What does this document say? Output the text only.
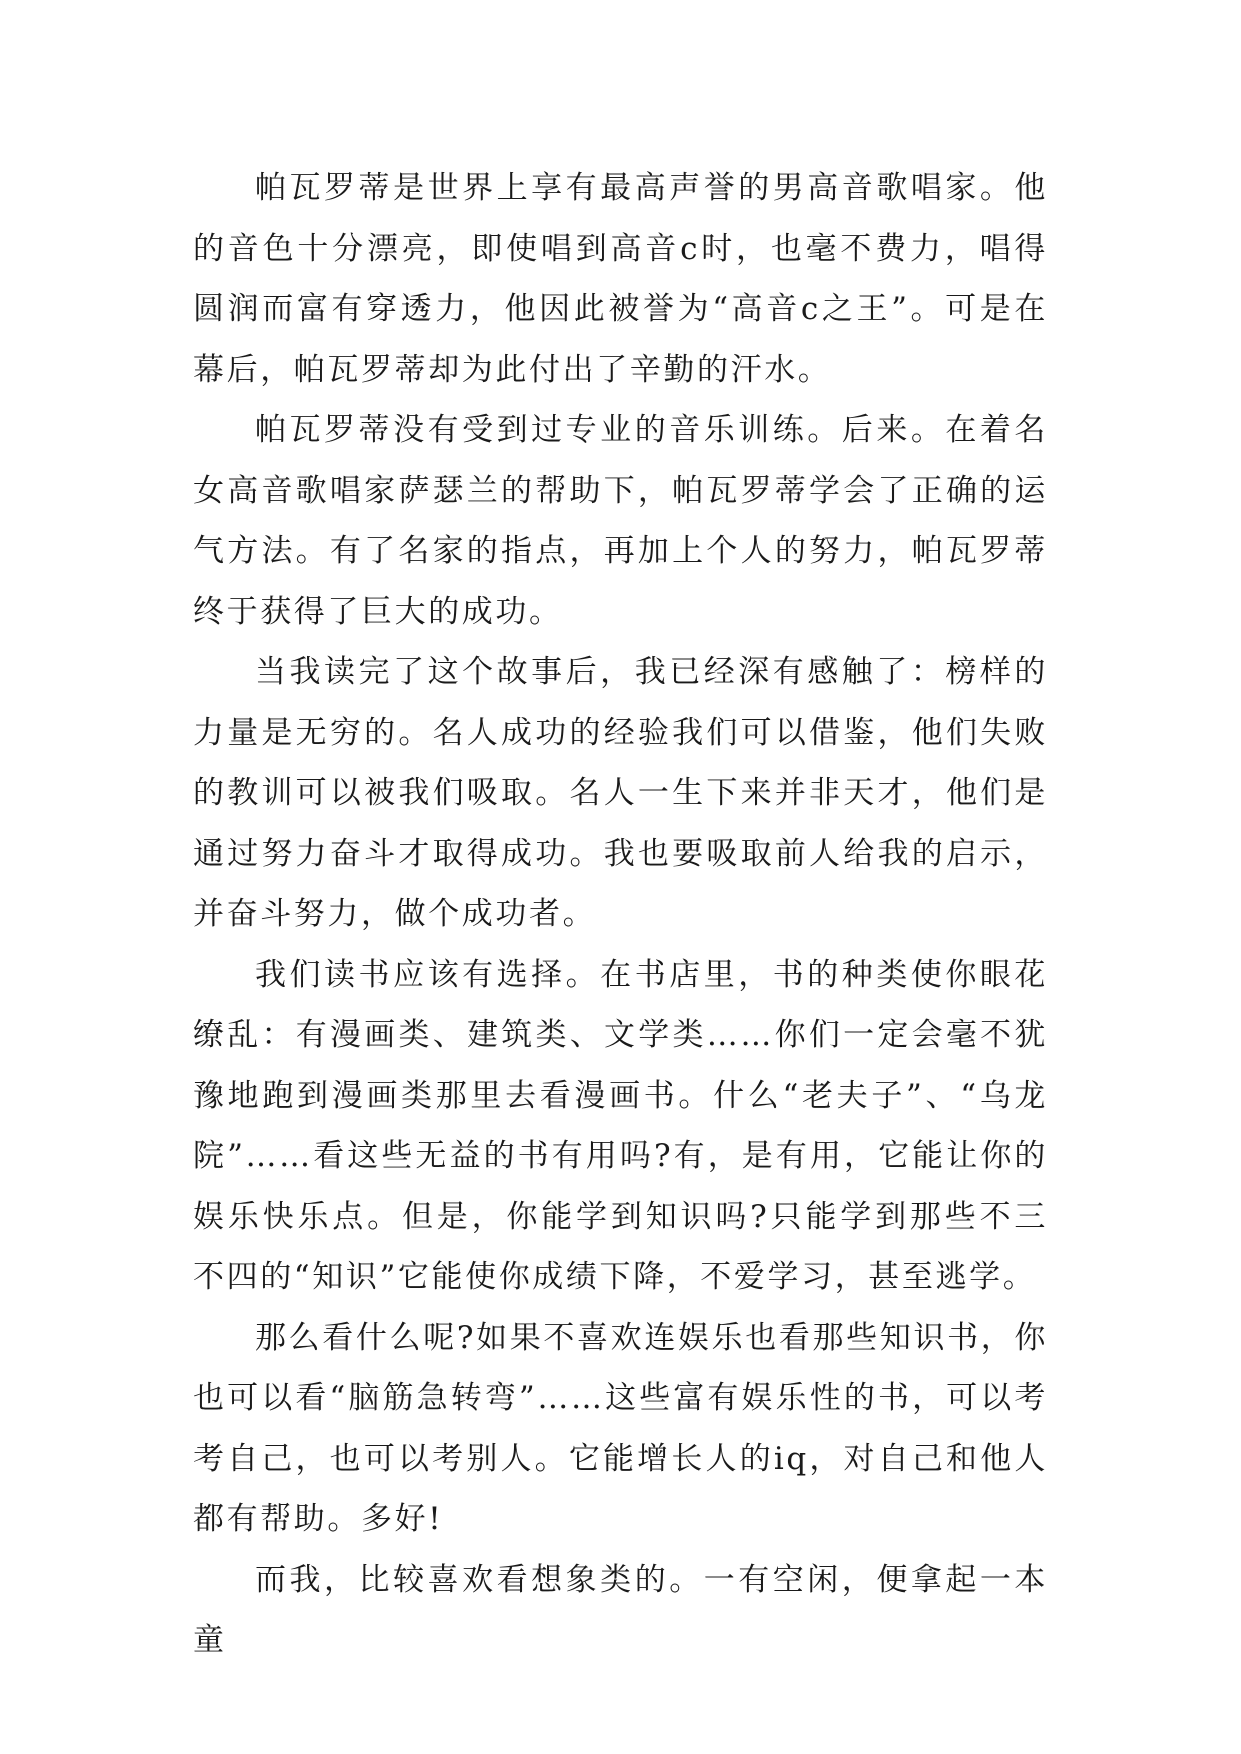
帕瓦罗蒂是世界上享有最高声誉的男高音歌唱家。他的音色十分漂亮，即使唱到高音c时，也毫不费力，唱得圆润而富有穿透力，他因此被誉为“高音c之王”。可是在幕后，帕瓦罗蒂却为此付出了辛勤的汗水。

帕瓦罗蒂没有受到过专业的音乐训练。后来。在着名女高音歌唱家萨瑟兰的帮助下，帕瓦罗蒂学会了正确的运气方法。有了名家的指点，再加上个人的努力，帕瓦罗蒂终于获得了巨大的成功。

当我读完了这个故事后，我已经深有感触了：榜样的力量是无穷的。名人成功的经验我们可以借鉴，他们失败的教训可以被我们吸取。名人一生下来并非天才，他们是通过努力奋斗才取得成功。我也要吸取前人给我的启示，并奋斗努力，做个成功者。

我们读书应该有选择。在书店里，书的种类使你眼花缭乱：有漫画类、建筑类、文学类……你们一定会毫不犹豫地跑到漫画类那里去看漫画书。什么“老夫子”、“乌龙院”……看这些无益的书有用吗?有，是有用，它能让你的娱乐快乐点。但是，你能学到知识吗?只能学到那些不三不四的“知识”它能使你成绩下降，不爱学习，甚至逃学。

那么看什么呢?如果不喜欢连娱乐也看那些知识书，你也可以看“脑筋急转弯”……这些富有娱乐性的书，可以考考自己，也可以考别人。它能增长人的iq，对自己和他人都有帮助。多好!

而我，比较喜欢看想象类的。一有空闲，便拿起一本童
